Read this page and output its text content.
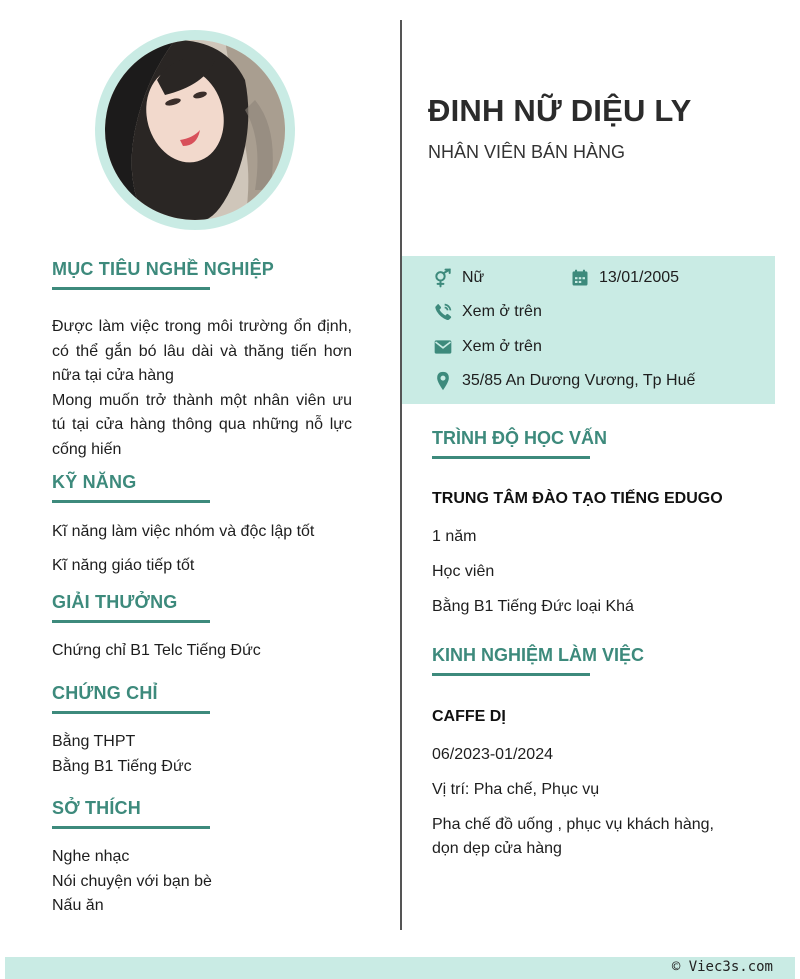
ĐINH NỮ DIỆU LY
NHÂN VIÊN BÁN HÀNG
Nữ	13/01/2005
Xem ở trên
Xem ở trên
35/85 An Dương Vương, Tp Huế
MỤC TIÊU NGHỀ NGHIỆP
Được làm việc trong môi trường ổn định, có thể gắn bó lâu dài và thăng tiến hơn nữa tại cửa hàng
Mong muốn trở thành một nhân viên ưu tú tại cửa hàng thông qua những nỗ lực cống hiến
KỸ NĂNG
Kĩ năng làm việc nhóm và độc lập tốt
Kĩ năng giáo tiếp tốt
GIẢI THƯỞNG
Chứng chỉ B1 Telc Tiếng Đức
CHỨNG CHỈ
Bằng THPT
Bằng B1 Tiếng Đức
SỞ THÍCH
Nghe nhạc
Nói chuyện với bạn bè
Nấu ăn
TRÌNH ĐỘ HỌC VẤN
TRUNG TÂM ĐÀO TẠO TIẾNG EDUGO
1 năm
Học viên
Bằng B1 Tiếng Đức loại Khá
KINH NGHIỆM LÀM VIỆC
CAFFE DỊ
06/2023-01/2024
Vị trí: Pha chế, Phục vụ
Pha chế đồ uống , phục vụ khách hàng, dọn dẹp cửa hàng
© Viec3s.com
